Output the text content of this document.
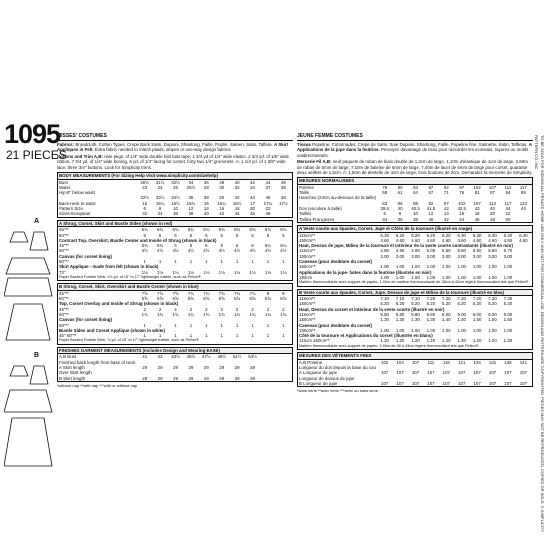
1095
21 PIECES
A
B
MISSES' COSTUMES

Fabrics: Broadcloth, Cotton Types, Crepe Back Satin, Dupioni, Shantung, Faille, Poplin, Sateen, Satin, Taffeta. A Skirt Appliques in Felt. Extra fabric needed to match plaids, stripes or one-way design fabrics.

Notions and Trim A,B: nine pkgs. of 1/4" wide double fold bias tape, 1 3/4 yd of 1/4" wide elastic, 2 3/4 yd. of 1/8" wide ribbon, 7 3/4 yd. of 1/4" wide boning, 8 yd. of 1/4" lacing for corset, forty two 1/4" grommets. A: 1 1/4 yd. of 1 3/8" wide lace, three 3/4" buttons. Look for Simplicity trims.

BODY MEASUREMENTS (For Sizing Help Visit www.simplicity.com/sizehelp)
Bust	30½	31½	32½	34	36	38	40	42	44	46
Waist	23	24	25	26½	28	30	32	34	37	39
Hip-9" below waist
32½	33½	34½	36	38	40	42	44	46	48
Back-neck to waist	15	15¼	15½	15¾	16	16¼	16½	17	17¼	17½
Pattern Size	6	8	10	12	14	16	18	20	22
Sizes-European	32	34	36	38	40	42	44	46	48
A Shrug, Corset, Skirt and Bustle Sides (shown in red)
45"**	6¾	6¾	6¾	6¾	6¾	6¾	6¾	6¾	6¾	6¾
60"**	5	5	5	5	5	5	5	5	5	5
Contrast Top, Overskirt, Bustle Center and Inside of Shrug (shown in black)
45"**	5¾	5¾	6	6	6	6	6	6	6¼	6¼
60"**	4½	4½	4½	4½	4½	4½	4½	4½	4½	4½
Canvas (for corset lining)
60"**	1	1	1	1	1	1	1	1	1	1
Skirt Applique - made from felt (shown in black)
72"	1⅛	1⅛	1⅛	1⅛	1⅛	1⅛	1⅛	1⅛	1⅛	1⅛
Paper Backed Fusible Web- 1⅛ yd. of 15" to 17" lightweight fusible, such as Pellon®
B Shrug, Corset, Skirt, Overskirt and Bustle Center (shown in blue)
45"**	7⅝	7⅝	7⅝	7¾	7¾	7¾	7¾	7¾	8	8
60"**	5⅝	5⅝	5⅝	5⅝	5⅝	5⅝	5⅝	5⅝	5⅝	5⅝
Top, Corset Overlay and Inside of Shrug (shown in black)
45"**	2	2	2	2	2	2	2	2	2	2
60"**	1¾	1¾	1¾	1¾	1¾	1¾	1¾	1¾	1¾	1¾
Canvas (for corset lining)
60"**	1	1	1	1	1	1	1	1	1	1
Bustle Sides and Corset Applique (shown in white)
45" 60"**	1	1	1	1	1	1	1	1	1	1
Paper Backed Fusible Web- ⅞ yd. of 15" to 17" lightweight fusible, such as Pellon®
FINISHED GARMENT MEASUREMENTS (Includes Design and Wearing EASE)
A,B Bust	41	42	43½	45½	47½	49½	51½	53½
Finished back length from base of neck
A Skirt length	29	29	29	29	29	29	29	29
Over Skirt length
B Skirt length	29	29	29	29	29	29	29	29
*without nap **with nap ***with or without nap
JEUNE FEMME COSTUMES

Tissus Popeline, Cotonnades, Crepe de Satin, Soie Dupioni, Shantung, Faille, Popeline fine, Satinette, Satin, Taffetas. A Applications de la jupe dans la feutrine. Prevoyez davantage de tissu pour raccorder les ecossais, rayures ou motifs unidirectionnels.

Mercerie Fil A,B: neuf paquets de ruban de biais double de 1,3cm de large, 1,10m d'elastique de 1cm de large, 2,60m de ruban de 6mm de large, 7,10m de baleine de 6mm de large, 7,40m de lacet de 6mm de large pour corset, quarante deux oeillets de 1,5cm. A: 1,50m de dentelle de 4cm de large, trois boutons de 2cm. Demandez la mercerie de Simplicity.

MESURES NORMALISEES
Poitrine	78	80	83	87	92	97	102	107	112	117
Taille	58	61	64	67	71	76	81	87	94	99
Hanches (23cm au-dessous de la taille)
83	85	88	92	97	102	107	112	117	122
Dos (encolure à taille)	39.5	40	40.5	41.5	42	42.5	43	44	44	44
Tailles	6	8	10	12	14	16	18	20	22
Tailles-Françaises	34	36	38	40	42	44	46	48	50
A Veste courte aux épaules, Corset, Jupe et Côtés de la tournure (illustré en rouge)
115cm**	6.30	6.20	6.20	6.20	6.20	6.30	6.30	6.30	6.40	6.40
150cm**	4.60	4.60	4.60	4.60	4.60	4.60	4.60	4.60	4.60	4.60
Haut, Dessus de jupe, Milieu de la tournure et intérieur de la veste courte contrastants (illustré en noir)
115cm**	4.80	4.90	4.90	5.00	5.50	5.50	5.50	5.60	5.70
150cm**	3.00	3.00	3.00	3.00	3.00	3.00	3.00	3.00	3.00
Canevas (pour doublure du corset)
150cm**	1.00	1.00	1.00	1.00	1.00	1.00	1.00	1.00	1.00
Applications de la jupe- faites dans la feutrine (illustrés en noir)
183cm	1.00	1.00	1.00	1.00	1.00	1.00	1.00	1.00	1.00
Matière thermocollante avec support de papier- 1.00m de matière thermocollante de 38cm à 43cm légère thermocollant tels que Pellon®
B Veste courte aux épaules, Corset, Jupe, Dessus de jupe et Milieu de la tournure (illustré en bleu)
115cm**	7.10	7.10	7.10	7.20	7.20	7.20	7.20	7.20	7.30
150cm**	5.20	5.20	5.20	5.20	5.20	5.20	5.20	5.20	5.20
Haut, Dessus du corset et intérieur de la veste courte (illustré en noir)
115cm**	5.80	5.80	5.80	5.90	6.00	6.00	6.00	6.00	6.00
150cm**	1.30	1.30	1.30	1.30	1.40	1.40	1.50	1.50	1.50
Canevas (pour doublure du corset)
150cm**	1.00	1.00	1.00	1.00	1.00	1.00	1.00	1.00	1.00
Côté de la tournure et Applications du corset (illustrés en blanc)
115cm 150cm**	1.20	1.20	1.20	1.20	1.20	1.20	1.20	1.20	1.20
Matière thermocollante avec support de papier- 0.50m de 38 à 43cm légère thermocollant tels que Pellon®
MESURES DES VÊTEMENTS FINIS
A,B Poitrine	102	104	107	111	116	121	126	131	136	141
Longueur du dos depuis la base du cou
A Longueur de jupe	107	107	107	107	107	107	107	107	107	107
Longueur de dessus de jupe
B Longueur de jupe	107	107	107	107	107	107	107	107	107	107
*sans sens **avec sens ***avec ou sans sens	TO BE SOLD FOR INDIVIDUAL PRIVATE HOME USE ONLY AND NOT FOR COMMERCIAL USE. DESIGN AND PATTERN ARE COPYRIGHTED. PIECES MAY NOT BE REPRODUCED, COPIED OR SOLD. © SIMPLICITY PATTERN CO. INC.
